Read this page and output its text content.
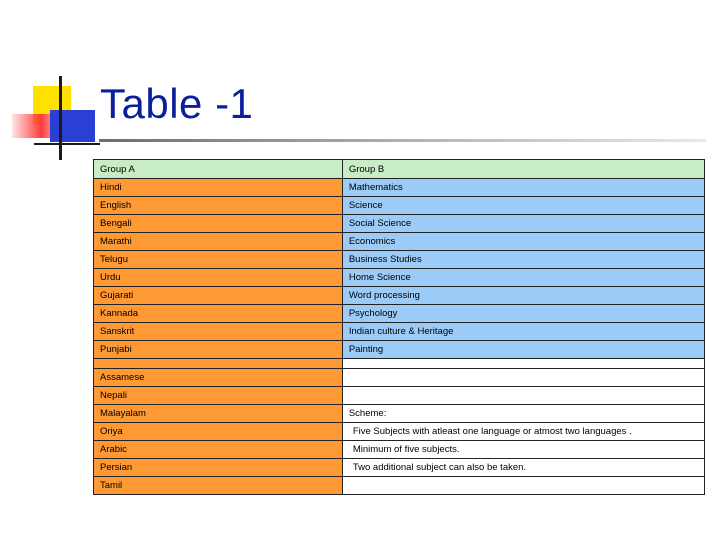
Table -1
Group A	Group B
Hindi	Mathematics
English	Science
Bengali	Social Science
Marathi	Economics
Telugu	Business Studies
Urdu	Home Science
Gujarati	Word processing
Kannada	Psychology
Sanskrit	Indian culture & Heritage
Punjabi	Painting

Assamese	
Nepali	
Malayalam	Scheme:
Oriya	Five Subjects with atleast one language or atmost two languages .
Arabic	Minimum of five subjects.
Persian	Two additional subject can also be taken.
Tamil	
